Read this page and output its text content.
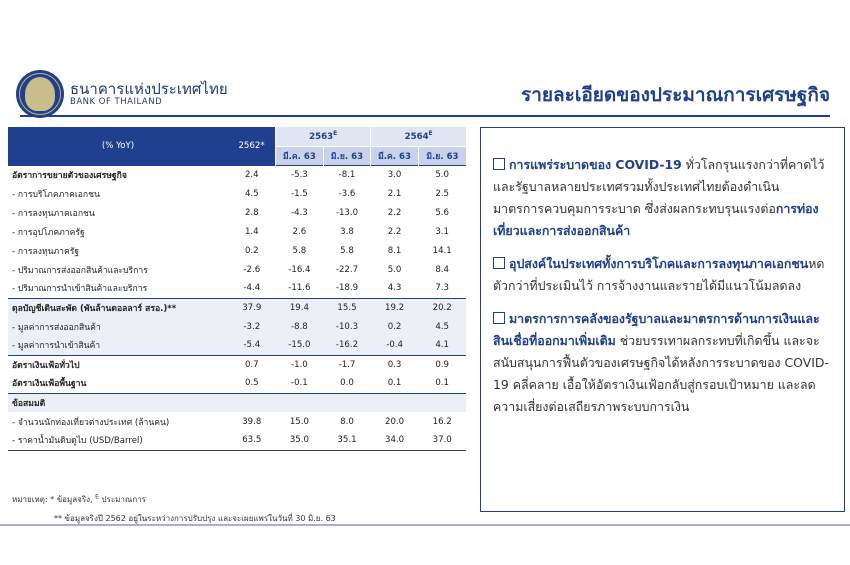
ธนาคารแห่งประเทศไทย
BANK OF THAILAND	รายละเอียดของประมาณการเศรษฐกิจ
(% YoY)	2562*	$2563^E$		$2564^E$
		มี.ค. 63	มิ.ย. 63	มี.ค. 63	มิ.ย. 63
อัตราการขยายตัวของเศรษฐกิจ	2.4	-5.3	-8.1	3.0	5.0
- การบริโภคภาคเอกชน	4.5	-1.5	-3.6	2.1	2.5
- การลงทุนภาคเอกชน	2.8	-4.3	-13.0	2.2	5.6
- การอุปโภคภาครัฐ	1.4	2.6	3.8	2.2	3.1
- การลงทุนภาครัฐ	0.2	5.8	5.8	8.1	14.1
- ปริมาณการส่งออกสินค้าและบริการ	-2.6	-16.4	-22.7	5.0	8.4
- ปริมาณการนำเข้าสินค้าและบริการ	-4.4	-11.6	-18.9	4.3	7.3
ดุลบัญชีเดินสะพัด (พันล้านดอลลาร์ สรอ.)**	37.9	19.4	15.5	19.2	20.2
- มูลค่าการส่งออกสินค้า	-3.2	-8.8	-10.3	0.2	4.5
- มูลค่าการนำเข้าสินค้า	-5.4	-15.0	-16.2	-0.4	4.1
อัตราเงินเฟ้อทั่วไป	0.7	-1.0	-1.7	0.3	0.9
อัตราเงินเฟ้อพื้นฐาน	0.5	-0.1	0.0	0.1	0.1
ข้อสมมติ					
- จำนวนนักท่องเที่ยวต่างประเทศ (ล้านคน)	39.8	15.0	8.0	20.0	16.2
- ราคาน้ำมันดิบดูไบ (USD/Barrel)	63.5	35.0	35.1	34.0	37.0
หมายเหตุ: * ข้อมูลจริง, $^E$ ประมาณการ
** ข้อมูลจริงปี 2562 อยู่ในระหว่างการปรับปรุง และจะเผยแพร่ในวันที่ 30 มิ.ย. 63
การแพร่ระบาดของ COVID-19 ทั่วโลกรุนแรงกว่าที่คาดไว้และรัฐบาลหลายประเทศรวมทั้งประเทศไทยต้องดำเนินมาตรการควบคุมการระบาด ซึ่งส่งผลกระทบรุนแรงต่อการท่องเที่ยวและการส่งออกสินค้า
อุปสงค์ในประเทศทั้งการบริโภคและการลงทุนภาคเอกชนหดตัวกว่าที่ประเมินไว้ การจ้างงานและรายได้มีแนวโน้มลดลง
มาตรการการคลังของรัฐบาลและมาตรการด้านการเงินและสินเชื่อที่ออกมาเพิ่มเติม ช่วยบรรเทาผลกระทบที่เกิดขึ้น และจะสนับสนุนการฟื้นตัวของเศรษฐกิจได้หลังการระบาดของ COVID-19 คลี่คลาย เอื้อให้อัตราเงินเฟ้อกลับสู่กรอบเป้าหมาย และลดความเสี่ยงต่อเสถียรภาพระบบการเงิน
